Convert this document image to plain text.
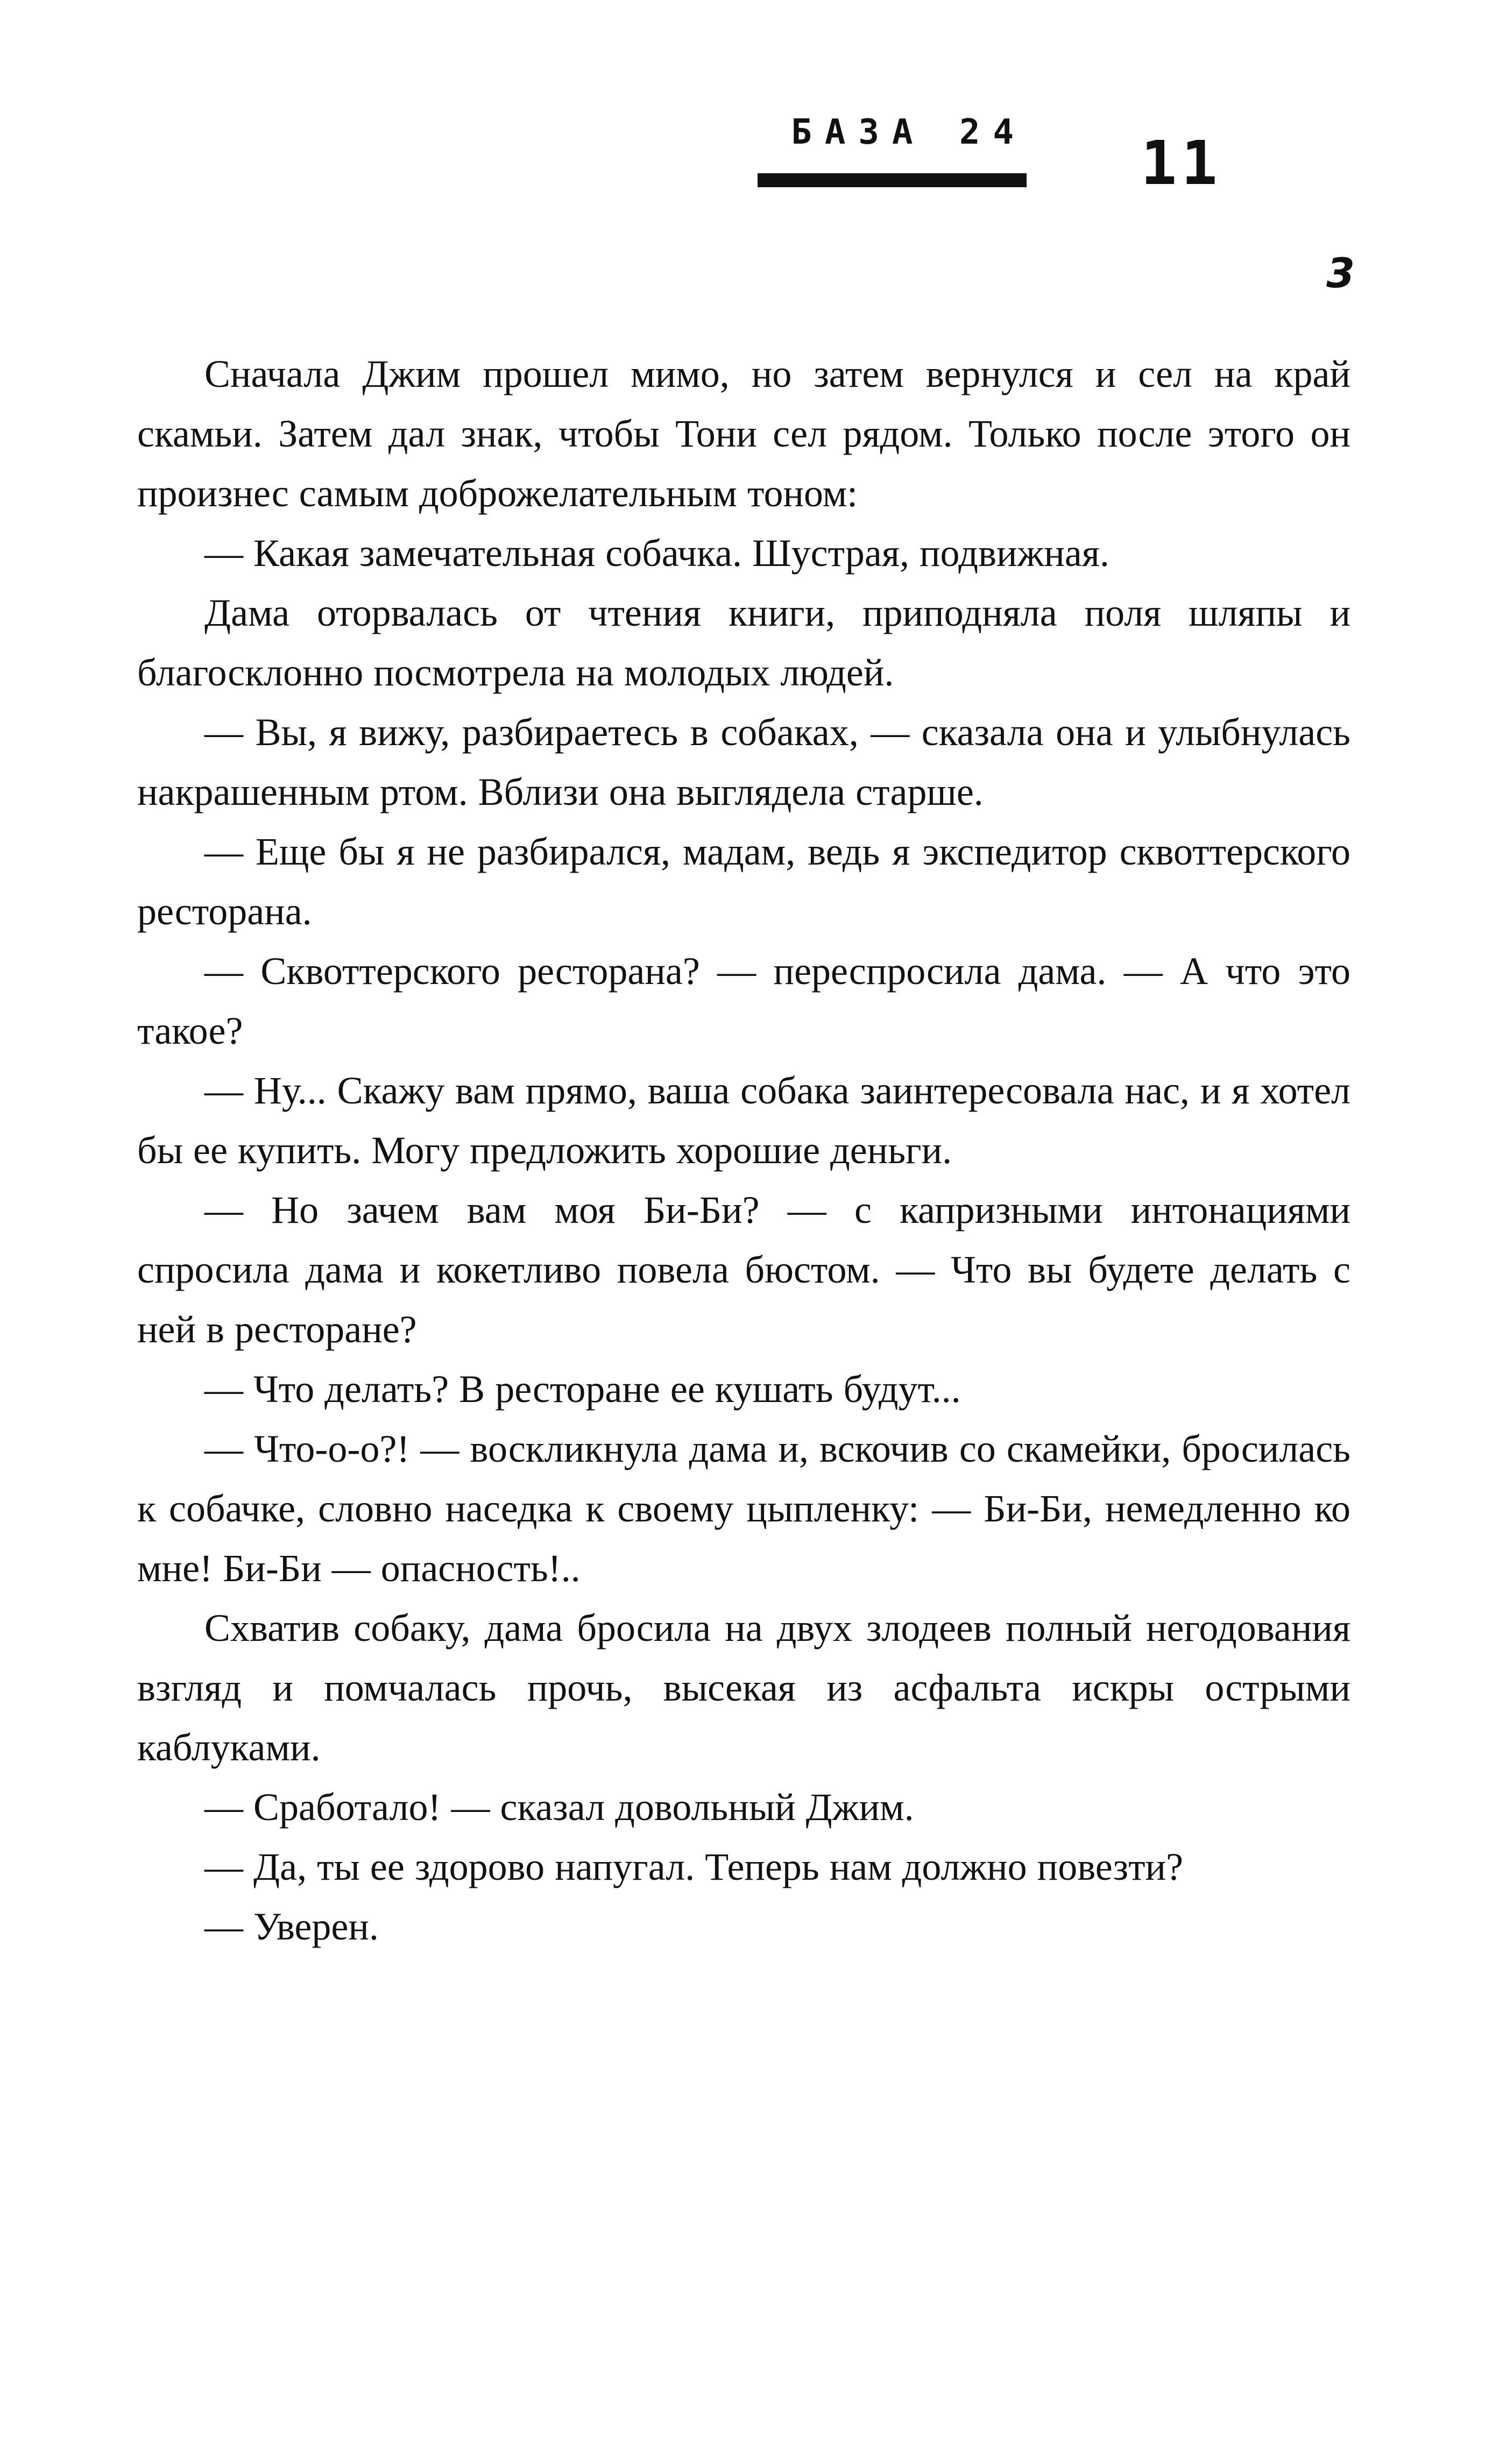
БАЗА 24 11
3

Сначала Джим прошел мимо, но затем вернулся и сел на край скамьи. Затем дал знак, чтобы Тони сел рядом. Только после этого он произнес самым доброжелательным тоном:

— Какая замечательная собачка. Шустрая, подвижная.

Дама оторвалась от чтения книги, приподняла поля шляпы и благосклонно посмотрела на молодых людей.

— Вы, я вижу, разбираетесь в собаках, — сказала она и улыбнулась накрашенным ртом. Вблизи она выглядела старше.

— Еще бы я не разбирался, мадам, ведь я экспедитор сквоттерского ресторана.

— Сквоттерского ресторана? — переспросила дама. — А что это такое?

— Ну... Скажу вам прямо, ваша собака заинтересовала нас, и я хотел бы ее купить. Могу предложить хорошие деньги.

— Но зачем вам моя Би-Би? — с капризными интонациями спросила дама и кокетливо повела бюстом. — Что вы будете делать с ней в ресторане?

— Что делать? В ресторане ее кушать будут...

— Что-о-о?! — воскликнула дама и, вскочив со скамейки, бросилась к собачке, словно наседка к своему цыпленку: — Би-Би, немедленно ко мне! Би-Би — опасность!..

Схватив собаку, дама бросила на двух злодеев полный негодования взгляд и помчалась прочь, высекая из асфальта искры острыми каблуками.

— Сработало! — сказал довольный Джим.

— Да, ты ее здорово напугал. Теперь нам должно повезти?

— Уверен.
